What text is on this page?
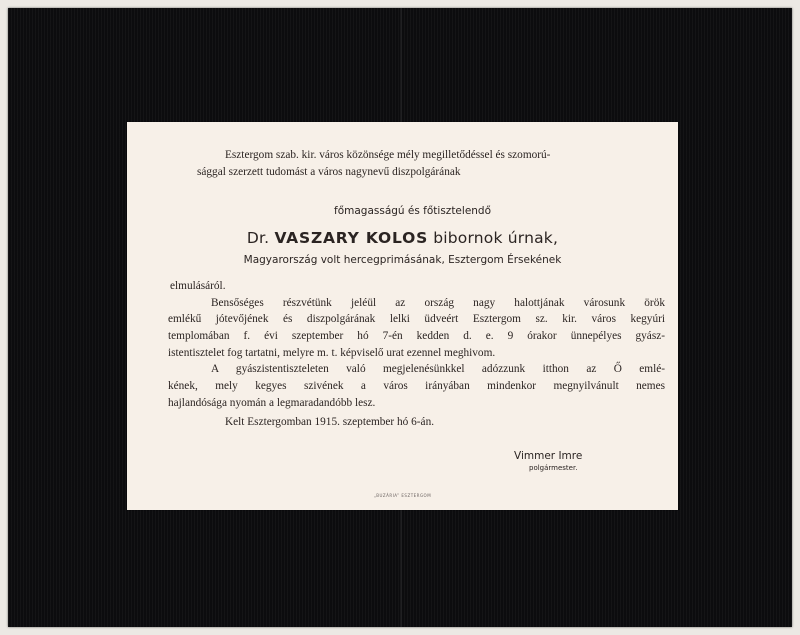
Esztergom szab. kir. város közönsége mély megilletődéssel és szomorú-
sággal szerzett tudomást a város nagynevű diszpolgárának
főmagasságú és főtisztelendő
Dr. VASZARY KOLOS bibornok úrnak,
Magyarország volt hercegprimásának, Esztergom Érsekének
elmulásáról.
Bensőséges részvétünk jeléül az ország nagy halottjának városunk örök
emlékű jótevőjének és diszpolgárának lelki üdveért Esztergom sz. kir. város kegyúri
templomában f. évi szeptember hó 7-én kedden d. e. 9 órakor ünnepélyes gyász-
istentisztelet fog tartatni, melyre m. t. képviselő urat ezennel meghivom.
A gyászistentiszteleten való megjelenésünkkel adózzunk itthon az Ő emlé-
kének, mely kegyes szivének a város irányában mindenkor megnyilvánult nemes
hajlandósága nyomán a legmaradandóbb lesz.
Kelt Esztergomban 1915. szeptember hó 6-án.
Vimmer Imre
polgármester.
„BUZÁRIA” ESZTERGOM
